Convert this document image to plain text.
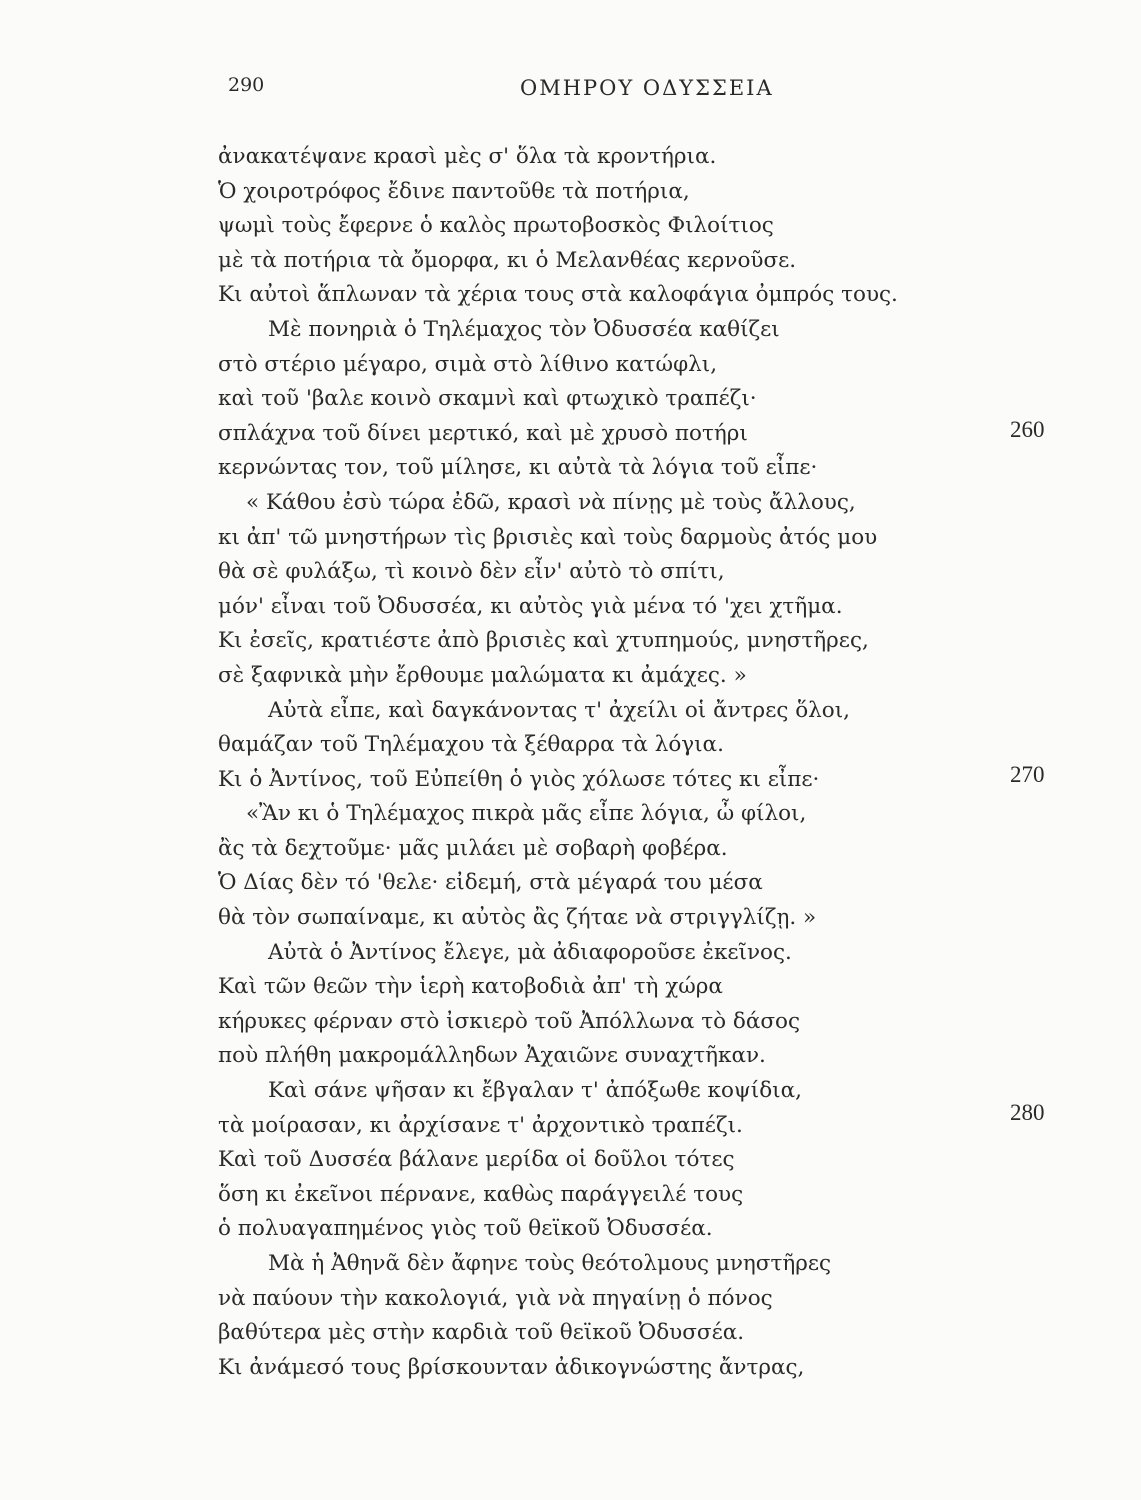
290	ΟΜΗΡΟΥ ΟΔΥΣΣΕΙΑ
ἀνακατέψανε κρασὶ μὲς σ' ὅλα τὰ κροντήρια.
Ὁ χοιροτρόφος ἔδινε παντοῦθε τὰ ποτήρια,
ψωμὶ τοὺς ἔφερνε ὁ καλὸς πρωτοβοσκὸς Φιλοίτιος
μὲ τὰ ποτήρια τὰ ὄμορφα, κι ὁ Μελανθέας κερνοῦσε.
Κι αὐτοὶ ἅπλωναν τὰ χέρια τους στὰ καλοφάγια ὀμπρός τους.
Μὲ πονηριὰ ὁ Τηλέμαχος τὸν Ὀδυσσέα καθίζει
στὸ στέριο μέγαρο, σιμὰ στὸ λίθινο κατώφλι,
καὶ τοῦ 'βαλε κοινὸ σκαμνὶ καὶ φτωχικὸ τραπέζι·
σπλάχνα τοῦ δίνει μερτικό, καὶ μὲ χρυσὸ ποτήρι
κερνώντας τον, τοῦ μίλησε, κι αὐτὰ τὰ λόγια τοῦ εἶπε·
« Κάθου ἐσὺ τώρα ἐδῶ, κρασὶ νὰ πίνῃς μὲ τοὺς ἄλλους,
κι ἀπ' τῶ μνηστήρων τὶς βρισιὲς καὶ τοὺς δαρμοὺς ἀτός μου
θὰ σὲ φυλάξω, τὶ κοινὸ δὲν εἶν' αὐτὸ τὸ σπίτι,
μόν' εἶναι τοῦ Ὀδυσσέα, κι αὐτὸς γιὰ μένα τό 'χει χτῆμα.
Κι ἐσεῖς, κρατιέστε ἀπὸ βρισιὲς καὶ χτυπημούς, μνηστῆρες,
σὲ ξαφνικὰ μὴν ἔρθουμε μαλώματα κι ἀμάχες. »
Αὐτὰ εἶπε, καὶ δαγκάνοντας τ' ἀχείλι οἱ ἄντρες ὅλοι,
θαμάζαν τοῦ Τηλέμαχου τὰ ξέθαρρα τὰ λόγια.
Κι ὁ Ἀντίνος, τοῦ Εὐπείθη ὁ γιὸς χόλωσε τότες κι εἶπε·
«Ἂν κι ὁ Τηλέμαχος πικρὰ μᾶς εἶπε λόγια, ὦ φίλοι,
ἂς τὰ δεχτοῦμε· μᾶς μιλάει μὲ σοβαρὴ φοβέρα.
Ὁ Δίας δὲν τό 'θελε· εἰδεμή, στὰ μέγαρά του μέσα
θὰ τὸν σωπαίναμε, κι αὐτὸς ἂς ζήταε νὰ στριγγλίζῃ. »
Αὐτὰ ὁ Ἀντίνος ἔλεγε, μὰ ἀδιαφοροῦσε ἐκεῖνος.
Καὶ τῶν θεῶν τὴν ἱερὴ κατοβοδιὰ ἀπ' τὴ χώρα
κήρυκες φέρναν στὸ ἰσκιερὸ τοῦ Ἀπόλλωνα τὸ δάσος
ποὺ πλήθη μακρομάλληδων Ἀχαιῶνε συναχτῆκαν.
Καὶ σάνε ψῆσαν κι ἔβγαλαν τ' ἀπόξωθε κοψίδια,
τὰ μοίρασαν, κι ἀρχίσανε τ' ἀρχοντικὸ τραπέζι.
Καὶ τοῦ Δυσσέα βάλανε μερίδα οἱ δοῦλοι τότες
ὅση κι ἐκεῖνοι πέρνανε, καθὼς παράγγειλέ τους
ὁ πολυαγαπημένος γιὸς τοῦ θεϊκοῦ Ὀδυσσέα.
Μὰ ἡ Ἀθηνᾶ δὲν ἄφηνε τοὺς θεότολμους μνηστῆρες
νὰ παύουν τὴν κακολογιά, γιὰ νὰ πηγαίνῃ ὁ πόνος
βαθύτερα μὲς στὴν καρδιὰ τοῦ θεϊκοῦ Ὀδυσσέα.
Κι ἀνάμεσό τους βρίσκουνταν ἀδικογνώστης ἄντρας,
260
270
280
